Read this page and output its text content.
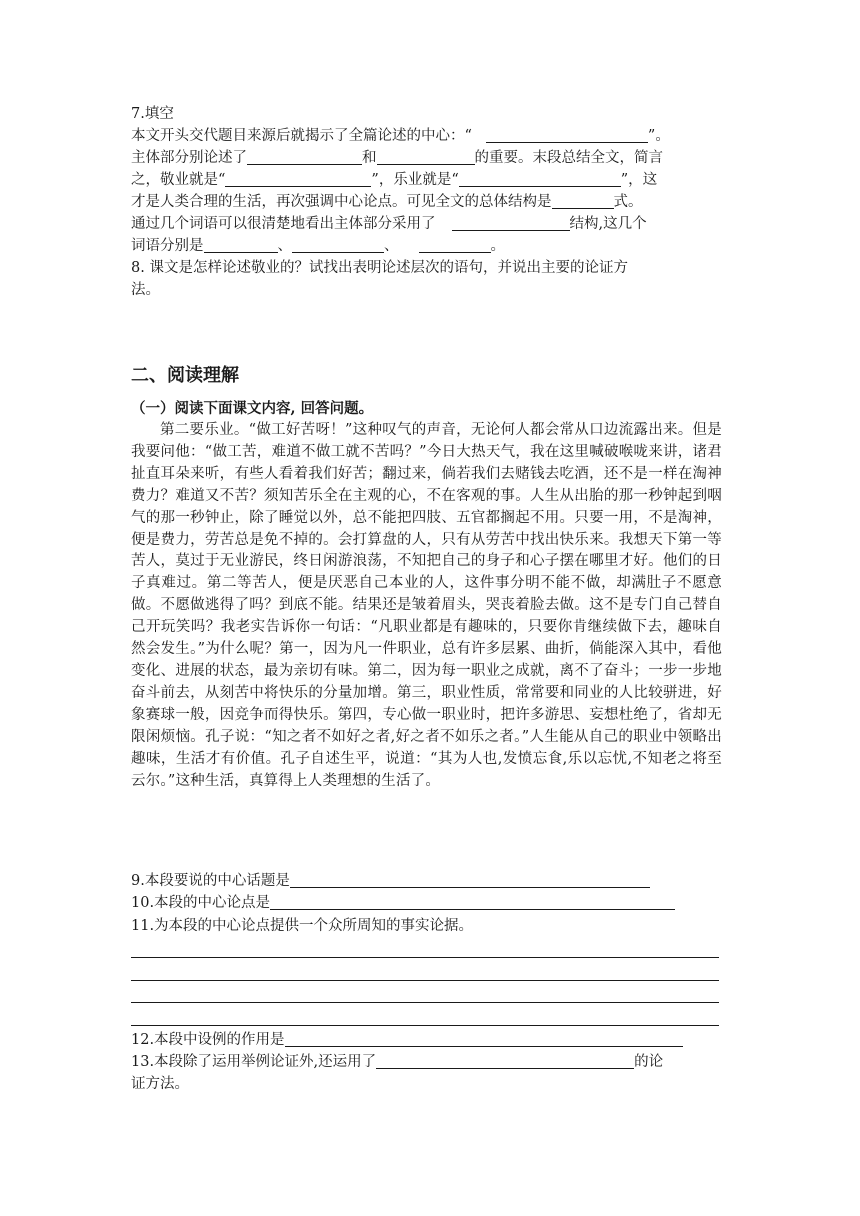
7.填空
本文开头交代题目来源后就揭示了全篇论述的中心：“	”。
主体部分别论述了	和	的重要。末段总结全文，简言
之，敬业就是“	”，乐业就是“	”，这
才是人类合理的生活，再次强调中心论点。可见全文的总体结构是	式。
通过几个词语可以很清楚地看出主体部分采用了	结构,这几个
词语分别是	、	、	。
8. 课文是怎样论述敬业的？试找出表明论述层次的语句，并说出主要的论证方
法。
二、阅读理解
（一）阅读下面课文内容, 回答问题。
第二要乐业。“做工好苦呀！”这种叹气的声音，无论何人都会常从口边流露出来。但是我要问他：“做工苦，难道不做工就不苦吗？”今日大热天气，我在这里喊破喉咙来讲，诸君扯直耳朵来听，有些人看着我们好苦；翻过来，倘若我们去赌钱去吃酒，还不是一样在淘神费力？难道又不苦？须知苦乐全在主观的心，不在客观的事。人生从出胎的那一秒钟起到咽气的那一秒钟止，除了睡觉以外，总不能把四肢、五官都搁起不用。只要一用，不是淘神，便是费力，劳苦总是免不掉的。会打算盘的人，只有从劳苦中找出快乐来。我想天下第一等苦人，莫过于无业游民，终日闲游浪荡，不知把自己的身子和心子摆在哪里才好。他们的日子真难过。第二等苦人，便是厌恶自己本业的人，这件事分明不能不做，却满肚子不愿意做。不愿做逃得了吗？到底不能。结果还是皱着眉头，哭丧着脸去做。这不是专门自己替自己开玩笑吗？我老实告诉你一句话：“凡职业都是有趣味的，只要你肯继续做下去，趣味自然会发生。”为什么呢？第一，因为凡一件职业，总有许多层累、曲折，倘能深入其中，看他变化、进展的状态，最为亲切有味。第二，因为每一职业之成就，离不了奋斗；一步一步地奋斗前去，从刻苦中将快乐的分量加增。第三，职业性质，常常要和同业的人比较骈进，好象赛球一般，因竞争而得快乐。第四，专心做一职业时，把许多游思、妄想杜绝了，省却无限闲烦恼。孔子说：“知之者不如好之者,好之者不如乐之者。”人生能从自己的职业中领略出趣味，生活才有价值。孔子自述生平，说道：“其为人也,发愤忘食,乐以忘忧,不知老之将至云尔。”这种生活，真算得上人类理想的生活了。
9.本段要说的中心话题是
10.本段的中心论点是
11.为本段的中心论点提供一个众所周知的事实论据。
12.本段中设例的作用是
13.本段除了运用举例论证外,还运用了	的论
证方法。
